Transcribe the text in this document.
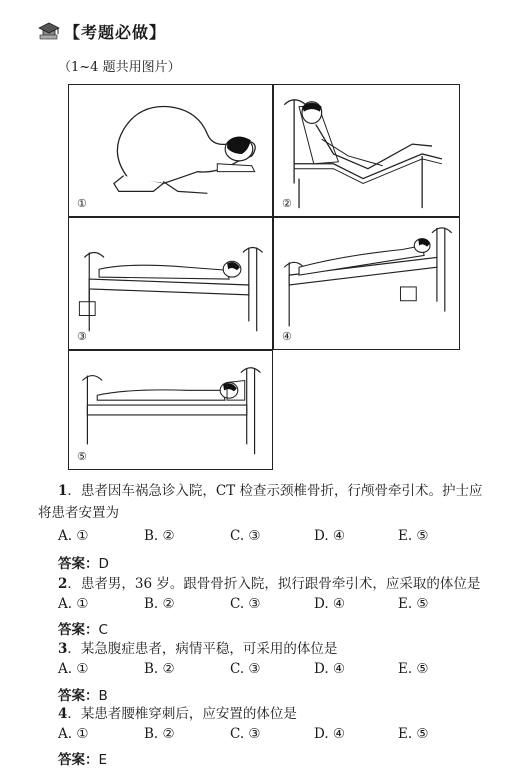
【考题必做】
（1~4 题共用图片）
①	②
③	④
⑤
1．患者因车祸急诊入院，CT 检查示颈椎骨折，行颅骨牵引术。护士应
将患者安置为
A. ①	B. ②	C. ③	D. ④	E. ⑤
答案：D
2．患者男，36 岁。跟骨骨折入院，拟行跟骨牵引术，应采取的体位是
A. ①	B. ②	C. ③	D. ④	E. ⑤
答案：C
3．某急腹症患者，病情平稳，可采用的体位是
A. ①	B. ②	C. ③	D. ④	E. ⑤
答案：B
4．某患者腰椎穿刺后，应安置的体位是
A. ①	B. ②	C. ③	D. ④	E. ⑤
答案：E
